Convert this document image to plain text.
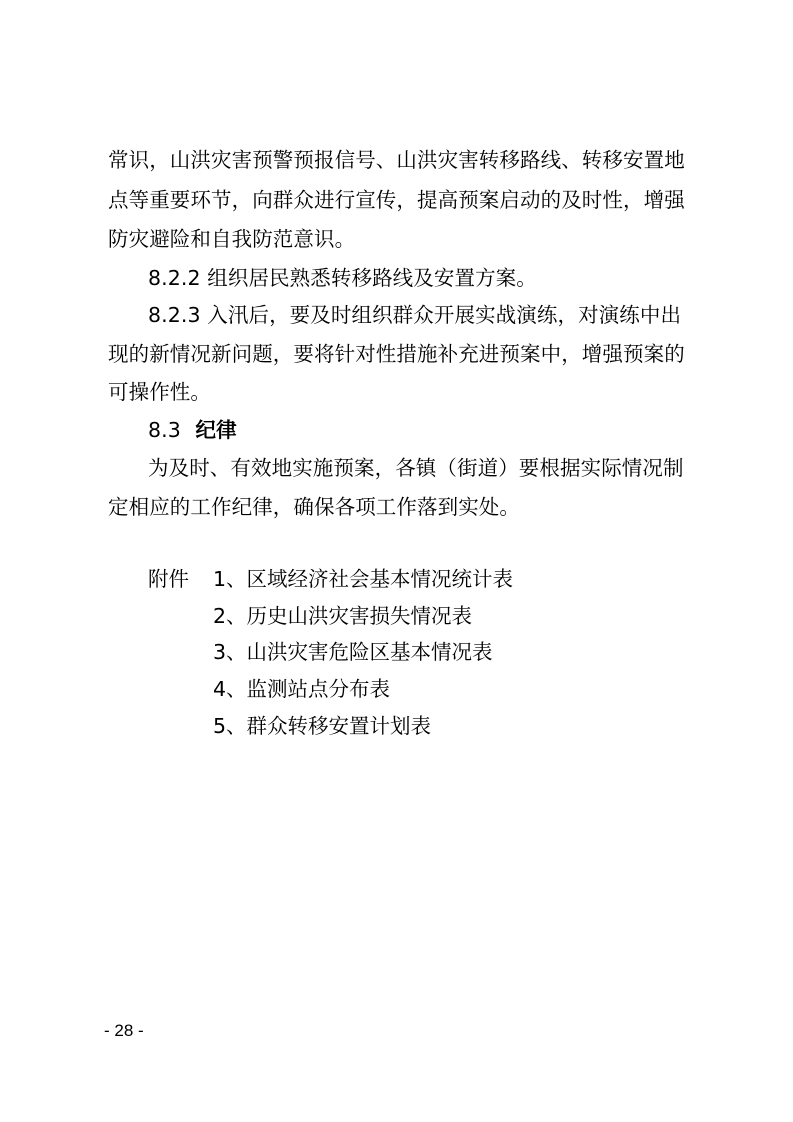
常识，山洪灾害预警预报信号、山洪灾害转移路线、转移安置地
点等重要环节，向群众进行宣传，提高预案启动的及时性，增强
防灾避险和自我防范意识。
8.2.2 组织居民熟悉转移路线及安置方案。
8.2.3 入汛后，要及时组织群众开展实战演练，对演练中出
现的新情况新问题，要将针对性措施补充进预案中，增强预案的
可操作性。
8.3 纪律
为及时、有效地实施预案，各镇（街道）要根据实际情况制
定相应的工作纪律，确保各项工作落到实处。
附件 1、区域经济社会基本情况统计表
2、历史山洪灾害损失情况表
3、山洪灾害危险区基本情况表
4、监测站点分布表
5、群众转移安置计划表
- 28 -
